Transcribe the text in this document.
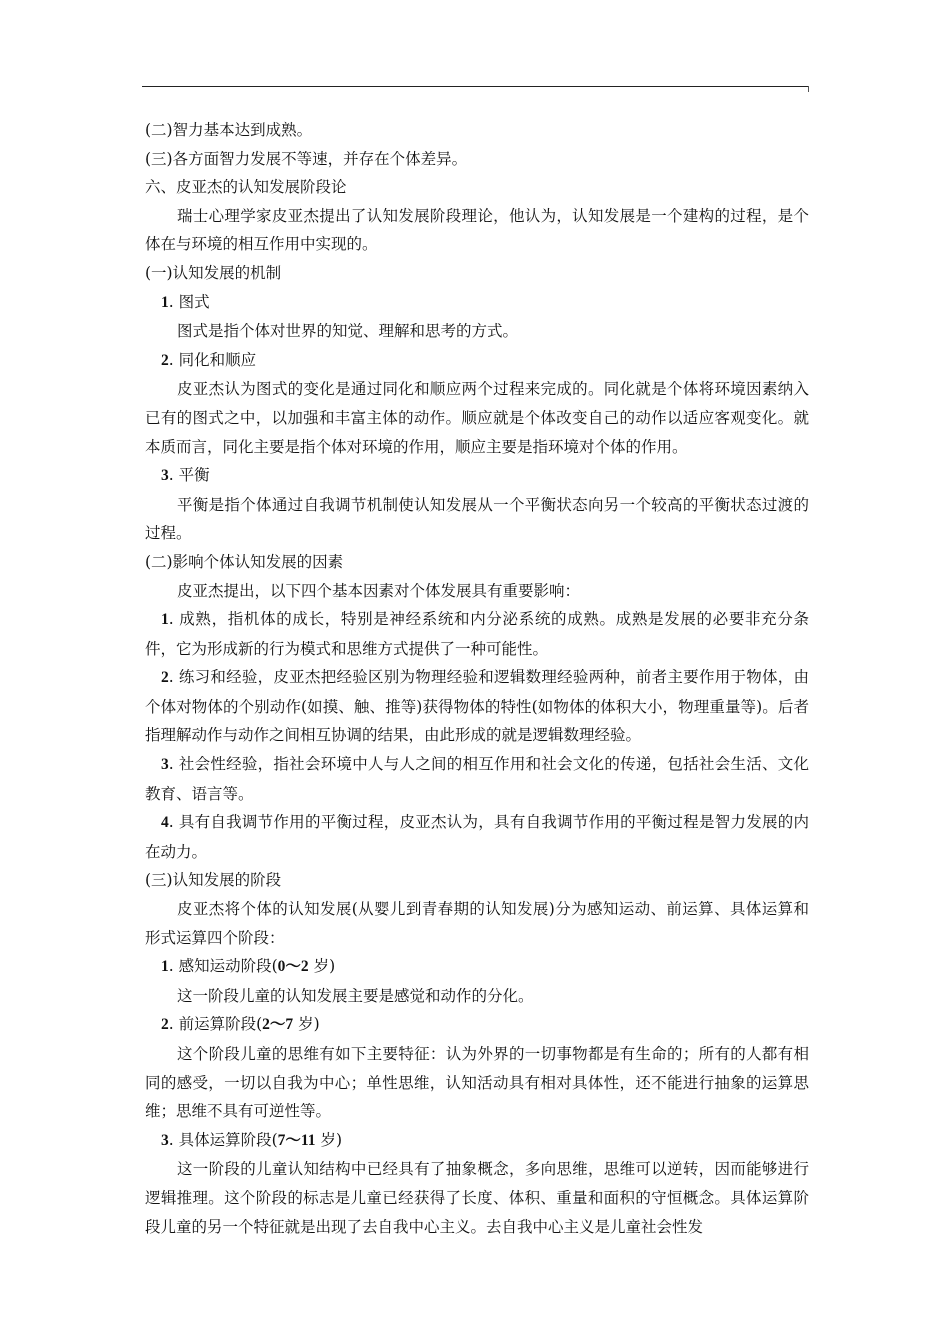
(二)智力基本达到成熟。

(三)各方面智力发展不等速，并存在个体差异。

六、皮亚杰的认知发展阶段论

瑞士心理学家皮亚杰提出了认知发展阶段理论，他认为，认知发展是一个建构的过程，是个体在与环境的相互作用中实现的。

(一)认知发展的机制

1. 图式

图式是指个体对世界的知觉、理解和思考的方式。

2. 同化和顺应

皮亚杰认为图式的变化是通过同化和顺应两个过程来完成的。同化就是个体将环境因素纳入已有的图式之中，以加强和丰富主体的动作。顺应就是个体改变自己的动作以适应客观变化。就本质而言，同化主要是指个体对环境的作用，顺应主要是指环境对个体的作用。

3. 平衡

平衡是指个体通过自我调节机制使认知发展从一个平衡状态向另一个较高的平衡状态过渡的过程。

(二)影响个体认知发展的因素

皮亚杰提出，以下四个基本因素对个体发展具有重要影响：

1. 成熟，指机体的成长，特别是神经系统和内分泌系统的成熟。成熟是发展的必要非充分条件，它为形成新的行为模式和思维方式提供了一种可能性。

2. 练习和经验，皮亚杰把经验区别为物理经验和逻辑数理经验两种，前者主要作用于物体，由个体对物体的个别动作(如摸、触、推等)获得物体的特性(如物体的体积大小，物理重量等)。后者指理解动作与动作之间相互协调的结果，由此形成的就是逻辑数理经验。

3. 社会性经验，指社会环境中人与人之间的相互作用和社会文化的传递，包括社会生活、文化教育、语言等。

4. 具有自我调节作用的平衡过程，皮亚杰认为，具有自我调节作用的平衡过程是智力发展的内在动力。

(三)认知发展的阶段

皮亚杰将个体的认知发展(从婴儿到青春期的认知发展)分为感知运动、前运算、具体运算和形式运算四个阶段：

1. 感知运动阶段(0～2 岁)

这一阶段儿童的认知发展主要是感觉和动作的分化。

2. 前运算阶段(2～7 岁)

这个阶段儿童的思维有如下主要特征：认为外界的一切事物都是有生命的；所有的人都有相同的感受，一切以自我为中心；单性思维，认知活动具有相对具体性，还不能进行抽象的运算思维；思维不具有可逆性等。

3. 具体运算阶段(7～11 岁)

这一阶段的儿童认知结构中已经具有了抽象概念，多向思维，思维可以逆转，因而能够进行逻辑推理。这个阶段的标志是儿童已经获得了长度、体积、重量和面积的守恒概念。具体运算阶段儿童的另一个特征就是出现了去自我中心主义。去自我中心主义是儿童社会性发
